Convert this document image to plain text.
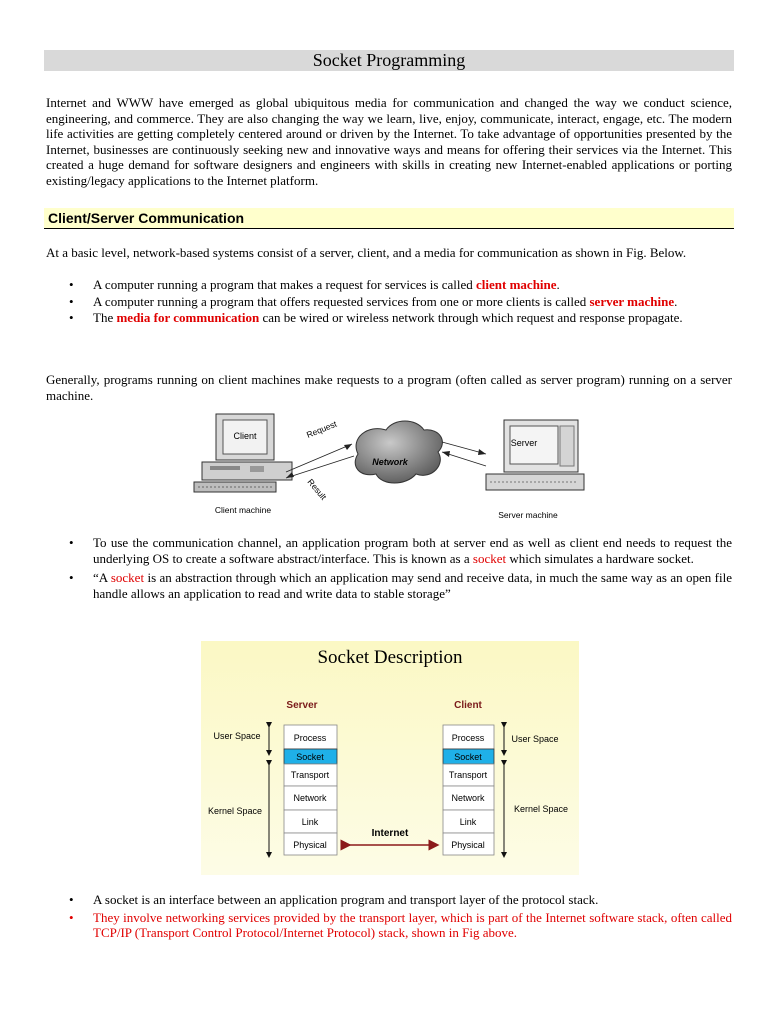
Socket Programming

Internet and WWW have emerged as global ubiquitous media for communication and changed the way we conduct science, engineering, and commerce. They are also changing the way we learn, live, enjoy, communicate, interact, engage, etc. The modern life activities are getting completely centered around or driven by the Internet. To take advantage of opportunities presented by the Internet, businesses are continuously seeking new and innovative ways and means for offering their services via the Internet. This created a huge demand for software designers and engineers with skills in creating new Internet-enabled applications or porting existing/legacy applications to the Internet platform.

Client/Server Communication

At a basic level, network-based systems consist of a server, client, and a media for communication as shown in Fig. Below.

• A computer running a program that makes a request for services is called client machine.
• A computer running a program that offers requested services from one or more clients is called server machine.
• The media for communication can be wired or wireless network through which request and response propagate.

Generally, programs running on client machines make requests to a program (often called as server program) running on a server machine.

Client
Client machine
Request
Result
Network
Server
Server machine
• To use the communication channel, an application program both at server end as well as client end needs to request the underlying OS to create a software abstract/interface. This is known as a socket which simulates a hardware socket.
• “A socket is an abstraction through which an application may send and receive data, in much the same way as an open file handle allows an application to read and write data to stable storage”
Socket Description
Server	Client
User Space
Kernel Space
User Space
Kernel Space
Process
Socket
Transport
Network
Link
Physical
Process
Socket
Transport
Network
Link
Physical
Internet
• A socket is an interface between an application program and transport layer of the protocol stack.
• They involve networking services provided by the transport layer, which is part of the Internet software stack, often called TCP/IP (Transport Control Protocol/Internet Protocol) stack, shown in Fig above.
